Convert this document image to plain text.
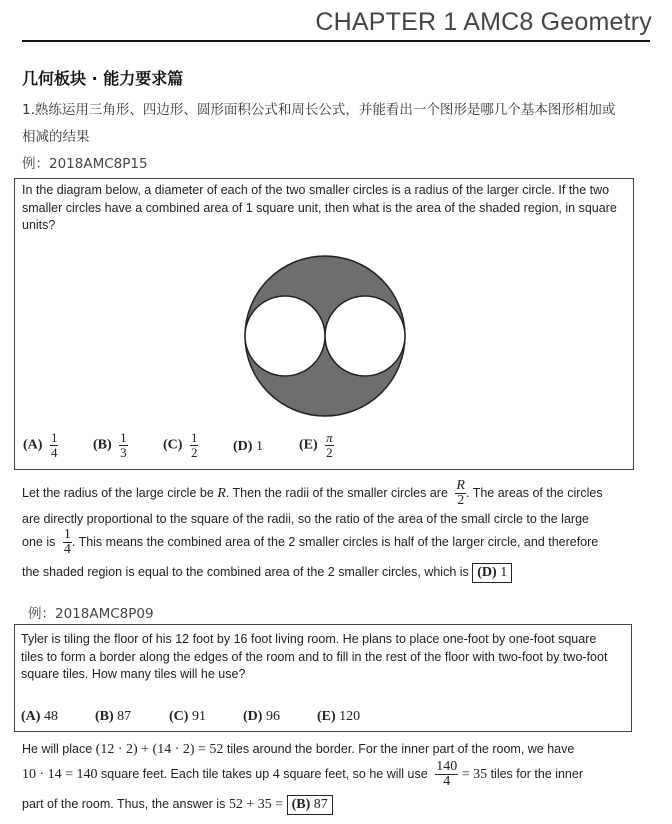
CHAPTER 1 AMC8 Geometry
几何板块 · 能力要求篇
1.熟练运用三角形、四边形、圆形面积公式和周长公式，并能看出一个图形是哪几个基本图形相加或相减的结果
例：2018AMC8P15
In the diagram below, a diameter of each of the two smaller circles is a radius of the larger circle. If the two smaller circles have a combined area of 1 square unit, then what is the area of the shaded region, in square units?
$(A) \frac{1}{4} (B) \frac{1}{3}$	$(C) \frac{1}{2} (D)$ 1	$(E) \frac{\pi}{2}$
Let the radius of the large circle be R. Then the radii of the smaller circles are $\frac{R}{2}$ . The areas of the circles
are directly proportional to the square of the radii, so the ratio of the area of the small circle to the large
one is $\frac{1}{4}$ . This means the combined area of the 2 smaller circles is half of the larger circle, and therefore
the shaded region is equal to the combined area of the 2 smaller circles, which is (D) 1
例：2018AMC8P09
Tyler is tiling the floor of his 12 foot by 16 foot living room. He plans to place one-foot by one-foot square tiles to form a border along the edges of the room and to fill in the rest of the floor with two-foot by two-foot square tiles. How many tiles will he use?
(A) 48	(B) 87	(C) 91	(D) 96	(E) 120
He will place (12 · 2) + (14 · 2) = 52 tiles around the border. For the inner part of the room, we have
10 · 14 = 140 square feet. Each tile takes up 4 square feet, so he will use $\frac{140}{4} = 35$ tiles for the inner
part of the room. Thus, the answer is 52 + 35 = (B) 87
